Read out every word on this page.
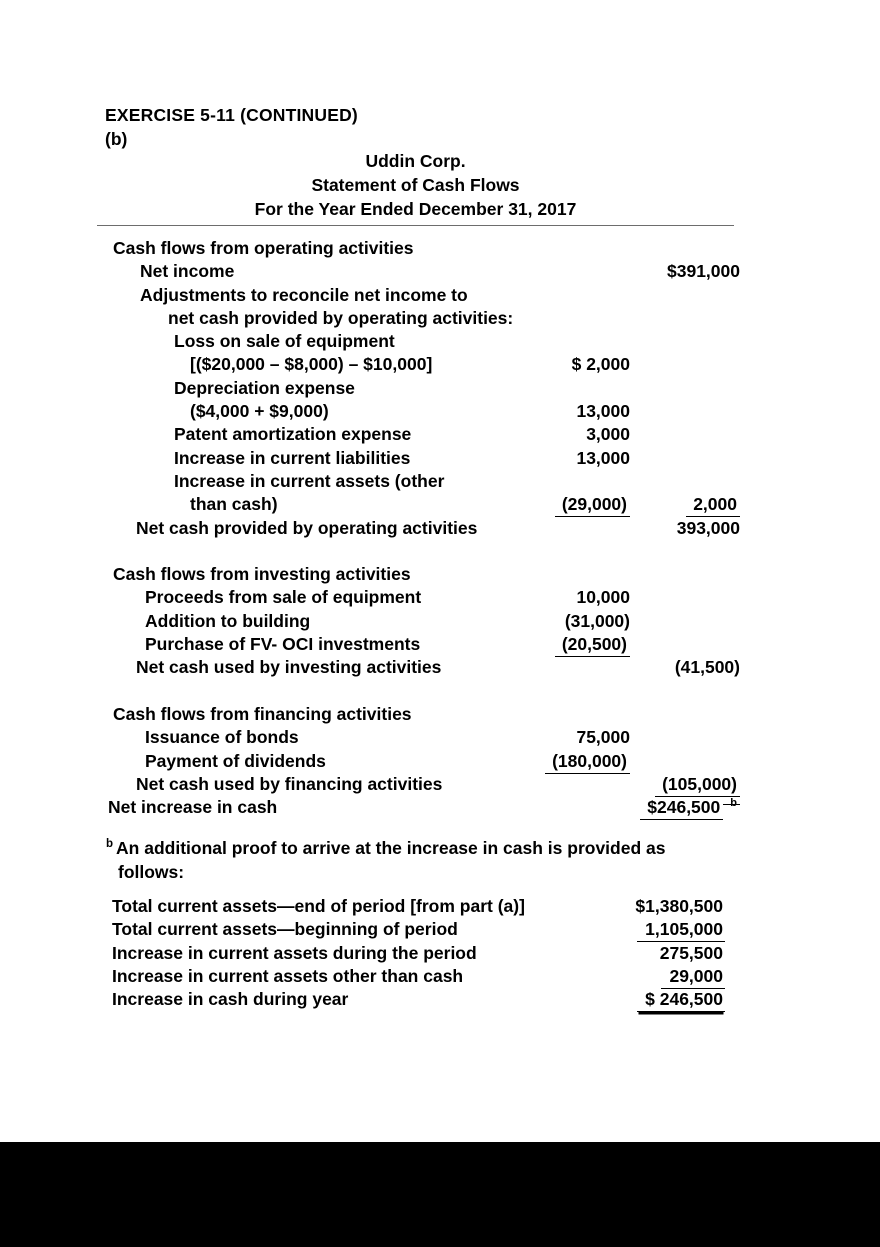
EXERCISE 5-11 (CONTINUED)
(b)
Uddin Corp.
Statement of Cash Flows
For the Year Ended December 31, 2017
Cash flows from operating activities
Net income	$391,000
Adjustments to reconcile net income to
net cash provided by operating activities:
Loss on sale of equipment
[($20,000 – $8,000) – $10,000]	$ 2,000
Depreciation expense
($4,000 + $9,000)	13,000
Patent amortization expense	3,000
Increase in current liabilities	13,000
Increase in current assets (other
than cash)	(29,000)	2,000
Net cash provided by operating activities	393,000
Cash flows from investing activities
Proceeds from sale of equipment	10,000
Addition to building	(31,000)
Purchase of FV- OCI investments	(20,500)
Net cash used by investing activities	(41,500)
Cash flows from financing activities
Issuance of bonds	75,000
Payment of dividends	(180,000)
Net cash used by financing activities	(105,000)
Net increase in cash	$246,500 b
$^b$ An additional proof to arrive at the increase in cash is provided as
follows:
Total current assets—end of period [from part (a)]	$1,380,500
Total current assets—beginning of period	1,105,000
Increase in current assets during the period	275,500
Increase in current assets other than cash	29,000
Increase in cash during year	$ 246,500
